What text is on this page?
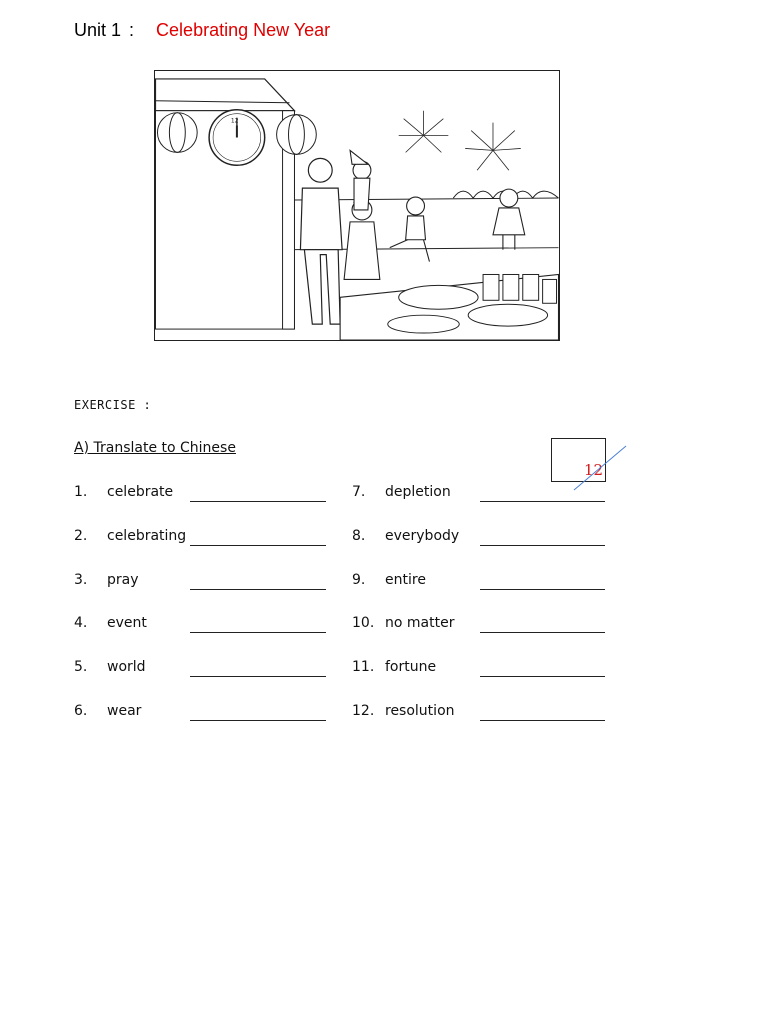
Unit 1 : Celebrating New Year
12
EXERCISE :
A) Translate to Chinese
12
1. celebrate
2. celebrating
3. pray
4. event
5. world
6. wear
7. depletion
8. everybody
9. entire
10. no matter
11. fortune
12. resolution
